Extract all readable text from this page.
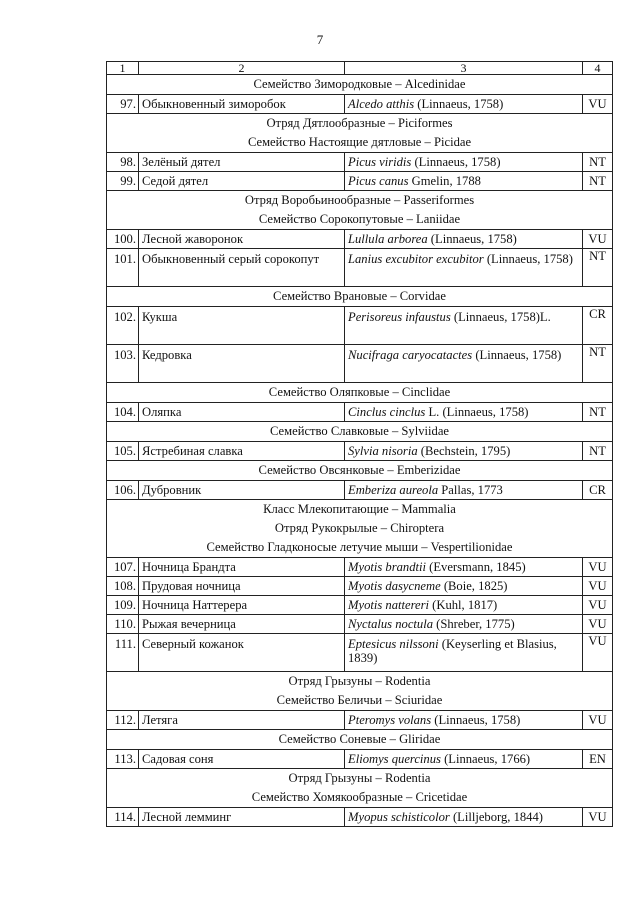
7
1	2	3	4
Семейство Зимородковые – Alcedinidae			
97.	Обыкновенный зиморобок	Alcedo atthis (Linnaeus, 1758)	VU
Отряд Дятлообразные – Piciformes			
Семейство Настоящие дятловые – Picidae			
98.	Зелёный дятел	Picus viridis (Linnaeus, 1758)	NT
99.	Седой дятел	Picus canus Gmelin, 1788	NT
Отряд Воробьинообразные – Passeriformes			
Семейство Сорокопутовые – Laniidae			
100.	Лесной жаворонок	Lullula arborea (Linnaeus, 1758)	VU
101.	Обыкновенный серый сорокопут	Lanius excubitor excubitor (Linnaeus, 1758)	NT
Семейство Врановые – Corvidae			
102.	Кукша	Perisoreus infaustus (Linnaeus, 1758)L.	CR
103.	Кедровка	Nucifraga caryocatactes (Linnaeus, 1758)	NT
Семейство Оляпковые – Cinclidae			
104.	Оляпка	Cinclus cinclus L. (Linnaeus, 1758)	NT
Семейство Славковые – Sylviidae			
105.	Ястребиная славка	Sylvia nisoria (Bechstein, 1795)	NT
Семейство Овсянковые – Emberizidae			
106.	Дубровник	Emberiza aureola Pallas, 1773	CR
Класс Млекопитающие – Mammalia			
Отряд Рукокрылые – Chiroptera			
Семейство Гладконосые летучие мыши – Vespertilionidae			
107.	Ночница Брандта	Myotis brandtii (Eversmann, 1845)	VU
108.	Прудовая ночница	Myotis dasycneme (Boie, 1825)	VU
109.	Ночница Наттерера	Myotis nattereri (Kuhl, 1817)	VU
110.	Рыжая вечерница	Nyctalus noctula (Shreber, 1775)	VU
111.	Северный кожанок	Eptesicus nilssoni (Keyserling et Blasius, 1839)	VU
Отряд Грызуны – Rodentia			
Семейство Беличьи – Sciuridae			
112.	Летяга	Pteromys volans (Linnaeus, 1758)	VU
Семейство Соневые – Gliridae			
113.	Садовая соня	Eliomys quercinus (Linnaeus, 1766)	EN
Отряд Грызуны – Rodentia			
Семейство Хомякообразные – Cricetidae			
114.	Лесной лемминг	Myopus schisticolor (Lilljeborg, 1844)	VU
